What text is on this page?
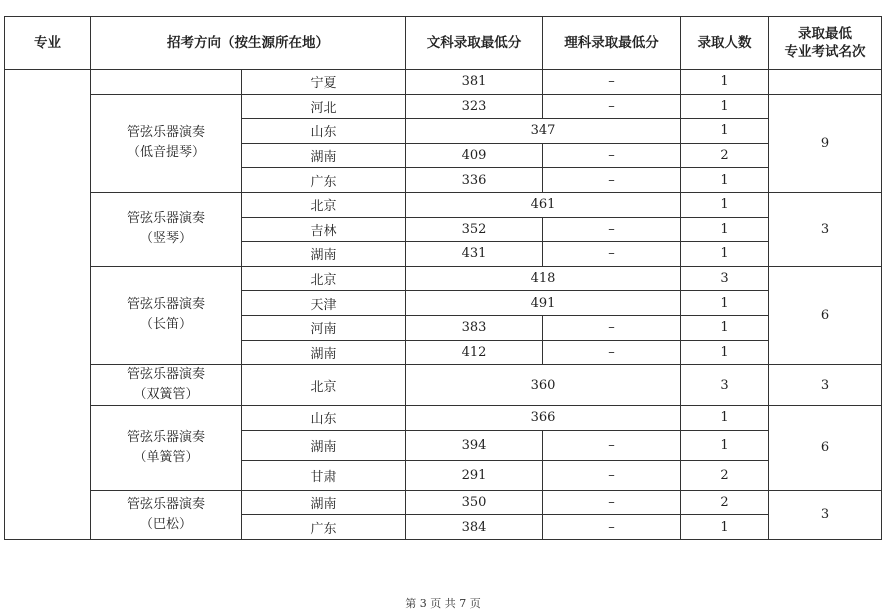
专业	招考方向（按生源所在地）		文科录取最低分	理科录取最低分	录取人数	录取最低
专业考试名次

		宁夏	381	–	1	

	管弦乐器演奏
（低音提琴）	河北	323	–	1	9
		山东	347		1	
		湖南	409	–	2	
		广东	336	–	1	

	管弦乐器演奏
（竖琴）	北京	461		1	3
		吉林	352	–	1	
		湖南	431	–	1	

	管弦乐器演奏
（长笛）	北京	418		3	6
		天津	491		1	
		河南	383	–	1	
		湖南	412	–	1	

	管弦乐器演奏
（双簧管）	北京	360		3	3

	管弦乐器演奏
（单簧管）	山东	366		1	6
		湖南	394	–	1	
		甘肃	291	–	2	

	管弦乐器演奏
（巴松）	湖南	350	–	2	3
		广东	384	–	1	
第 3 页 共 7 页
